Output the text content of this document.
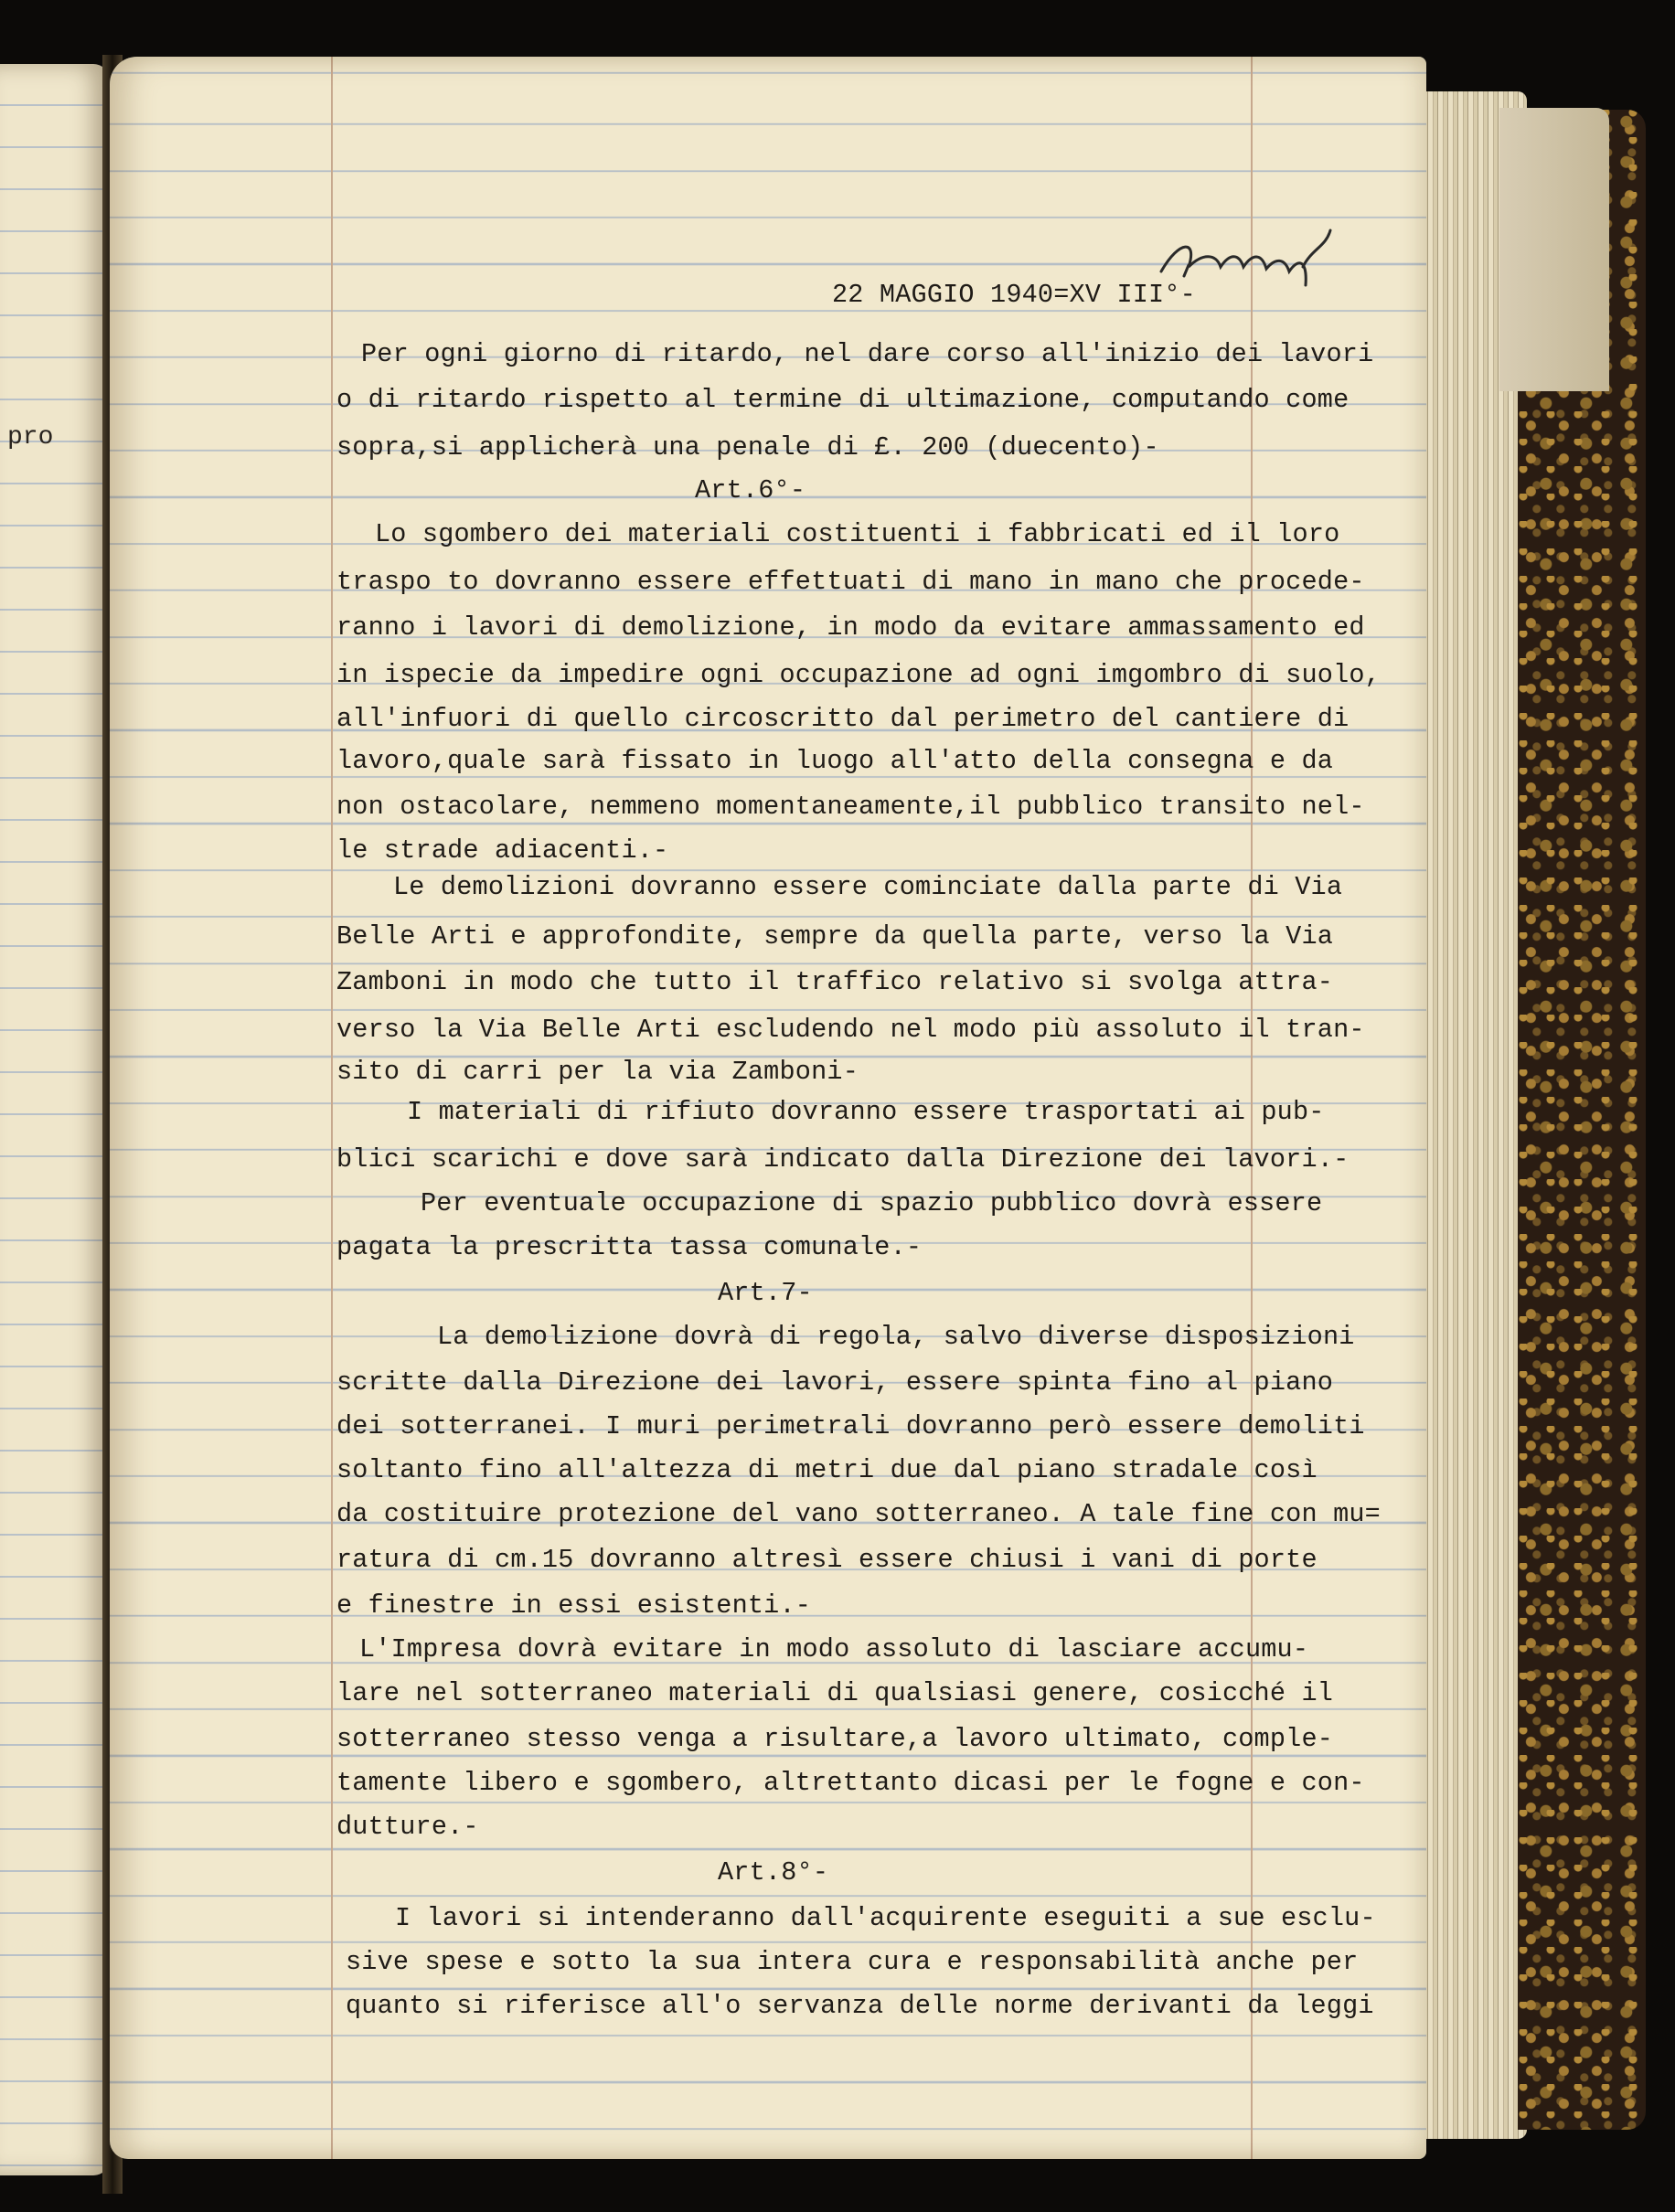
pro
22 MAGGIO 1940=XV III°-
Per ogni giorno di ritardo, nel dare corso all'inizio dei lavori
o di ritardo rispetto al termine di ultimazione, computando come
sopra,si applicherà una penale di £. 200 (duecento)-
Art.6°-
Lo sgombero dei materiali costituenti i fabbricati ed il loro
traspo to dovranno essere effettuati di mano in mano che procede-
ranno i lavori di demolizione, in modo da evitare ammassamento ed
in ispecie da impedire ogni occupazione ad ogni imgombro di suolo,
all'infuori di quello circoscritto dal perimetro del cantiere di
lavoro,quale sarà fissato in luogo all'atto della consegna e da
non ostacolare, nemmeno momentaneamente,il pubblico transito nel-
le strade adiacenti.-
Le demolizioni dovranno essere cominciate dalla parte di Via
Belle Arti e approfondite, sempre da quella parte, verso la Via
Zamboni in modo che tutto il traffico relativo si svolga attra-
verso la Via Belle Arti escludendo nel modo più assoluto il tran-
sito di carri per la via Zamboni-
I materiali di rifiuto dovranno essere trasportati ai pub-
blici scarichi e dove sarà indicato dalla Direzione dei lavori.-
Per eventuale occupazione di spazio pubblico dovrà essere
pagata la prescritta tassa comunale.-
Art.7-
La demolizione dovrà di regola, salvo diverse disposizioni
scritte dalla Direzione dei lavori, essere spinta fino al piano
dei sotterranei. I muri perimetrali dovranno però essere demoliti
soltanto fino all'altezza di metri due dal piano stradale così
da costituire protezione del vano sotterraneo. A tale fine con mu=
ratura di cm.15 dovranno altresì essere chiusi i vani di porte
e finestre in essi esistenti.-
L'Impresa dovrà evitare in modo assoluto di lasciare accumu-
lare nel sotterraneo materiali di qualsiasi genere, cosicché il
sotterraneo stesso venga a risultare,a lavoro ultimato, comple-
tamente libero e sgombero, altrettanto dicasi per le fogne e con-
dutture.-
Art.8°-
I lavori si intenderanno dall'acquirente eseguiti a sue esclu-
sive spese e sotto la sua intera cura e responsabilità anche per
quanto si riferisce all'o servanza delle norme derivanti da leggi
